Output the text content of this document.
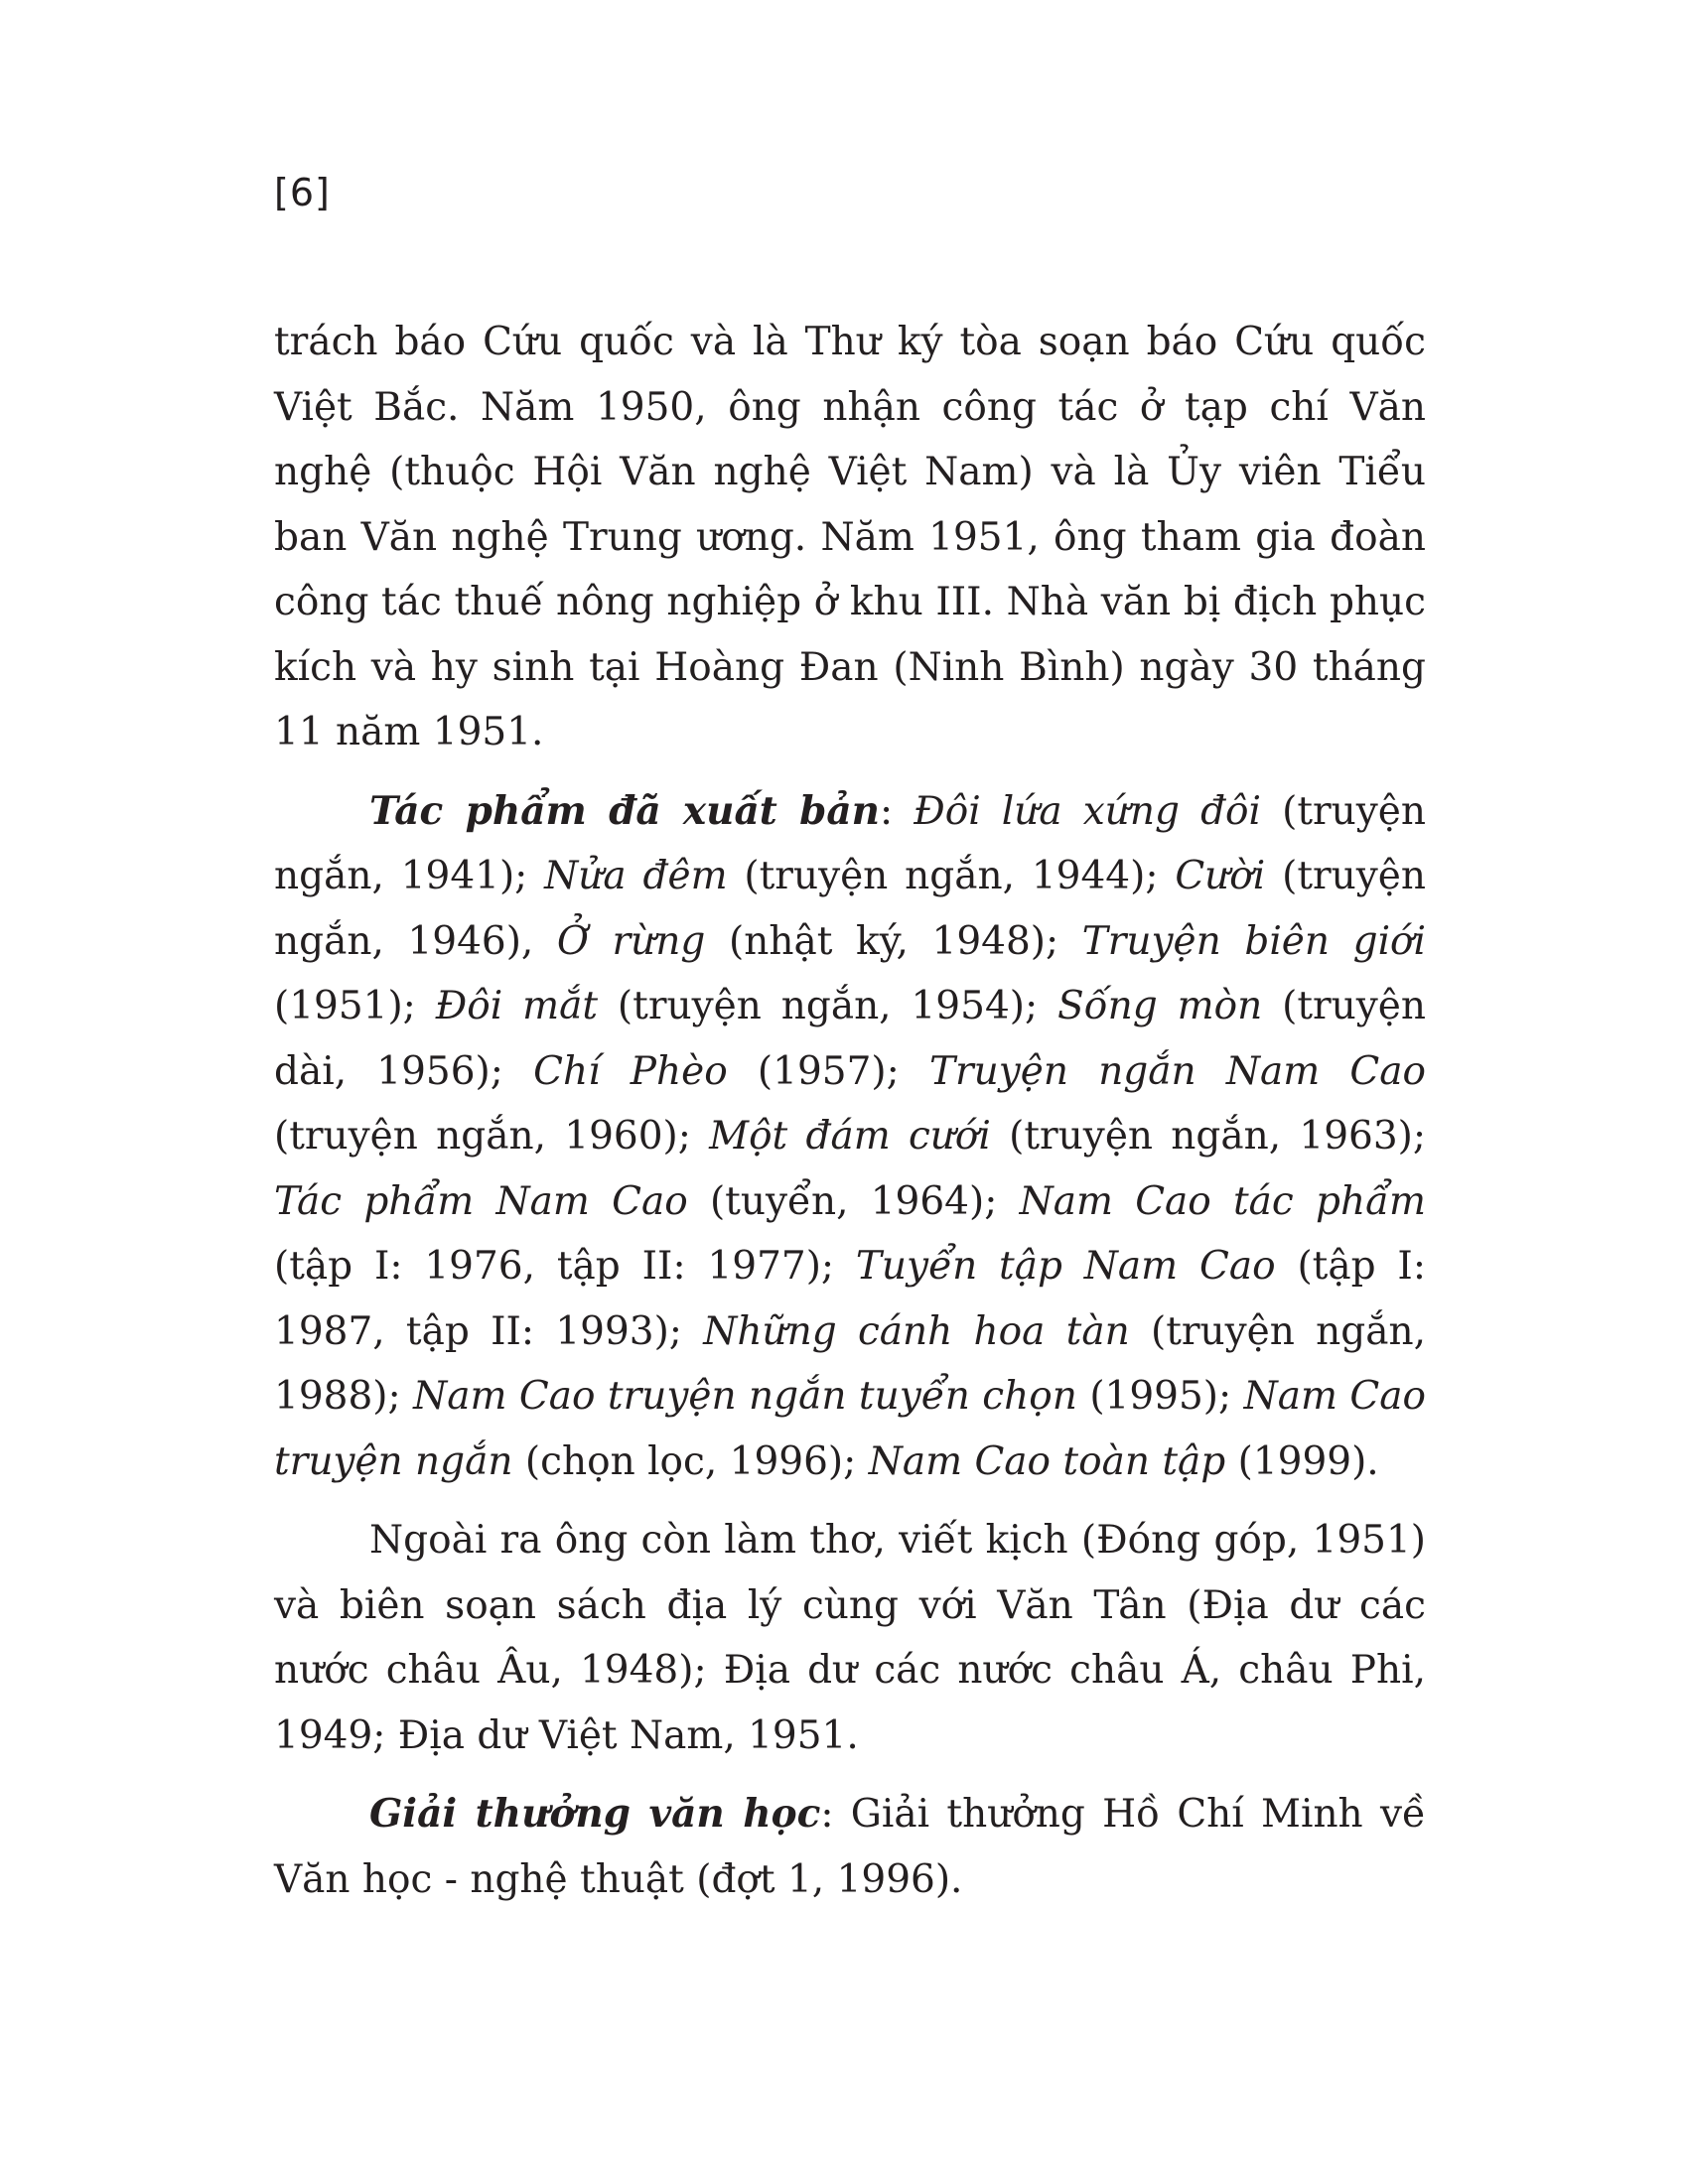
[6]

trách báo Cứu quốc và là Thư ký tòa soạn báo Cứu quốc Việt Bắc. Năm 1950, ông nhận công tác ở tạp chí Văn nghệ (thuộc Hội Văn nghệ Việt Nam) và là Ủy viên Tiểu ban Văn nghệ Trung ương. Năm 1951, ông tham gia đoàn công tác thuế nông nghiệp ở khu III. Nhà văn bị địch phục kích và hy sinh tại Hoàng Đan (Ninh Bình) ngày 30 tháng 11 năm 1951.

Tác phẩm đã xuất bản: Đôi lứa xứng đôi (truyện ngắn, 1941); Nửa đêm (truyện ngắn, 1944); Cười (truyện ngắn, 1946), Ở rừng (nhật ký, 1948); Truyện biên giới (1951); Đôi mắt (truyện ngắn, 1954); Sống mòn (truyện dài, 1956); Chí Phèo (1957); Truyện ngắn Nam Cao (truyện ngắn, 1960); Một đám cưới (truyện ngắn, 1963); Tác phẩm Nam Cao (tuyển, 1964); Nam Cao tác phẩm (tập I: 1976, tập II: 1977); Tuyển tập Nam Cao (tập I: 1987, tập II: 1993); Những cánh hoa tàn (truyện ngắn, 1988); Nam Cao truyện ngắn tuyển chọn (1995); Nam Cao truyện ngắn (chọn lọc, 1996); Nam Cao toàn tập (1999).

Ngoài ra ông còn làm thơ, viết kịch (Đóng góp, 1951) và biên soạn sách địa lý cùng với Văn Tân (Địa dư các nước châu Âu, 1948); Địa dư các nước châu Á, châu Phi, 1949; Địa dư Việt Nam, 1951.

Giải thưởng văn học: Giải thưởng Hồ Chí Minh về Văn học - nghệ thuật (đợt 1, 1996).
